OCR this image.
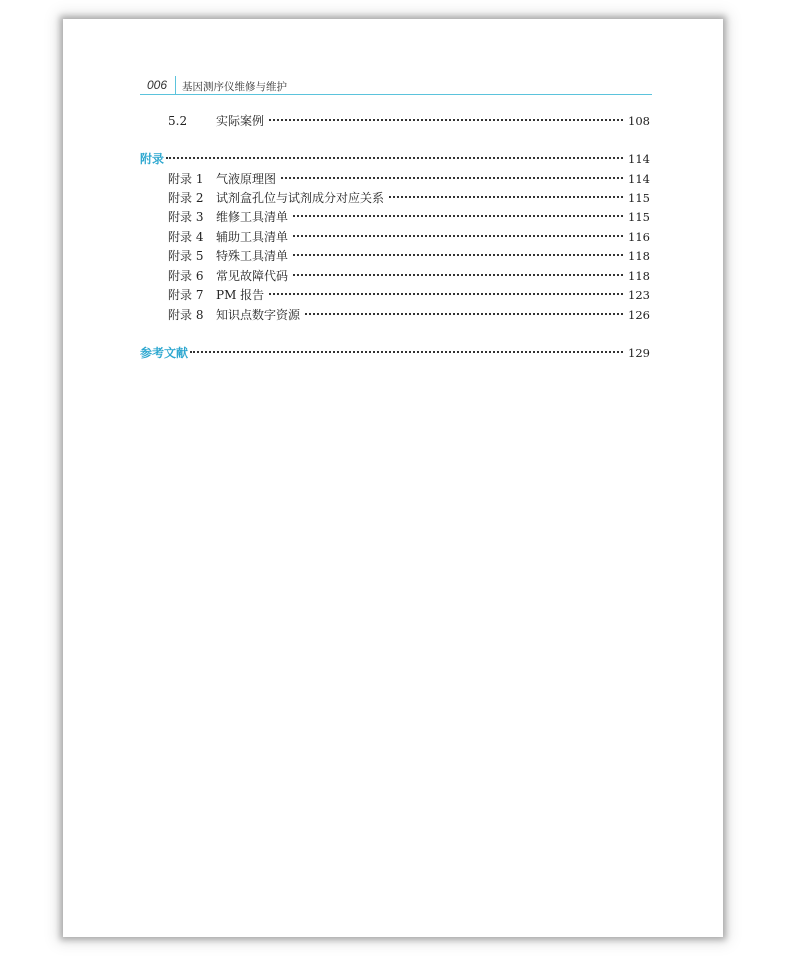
006 基因测序仪维修与维护
5.2 实际案例	108
附录	114
附录 1 气液原理图	114
附录 2 试剂盒孔位与试剂成分对应关系	115
附录 3 维修工具清单	115
附录 4 辅助工具清单	116
附录 5 特殊工具清单	118
附录 6 常见故障代码	118
附录 7 PM 报告	123
附录 8 知识点数字资源	126
参考文献	129
